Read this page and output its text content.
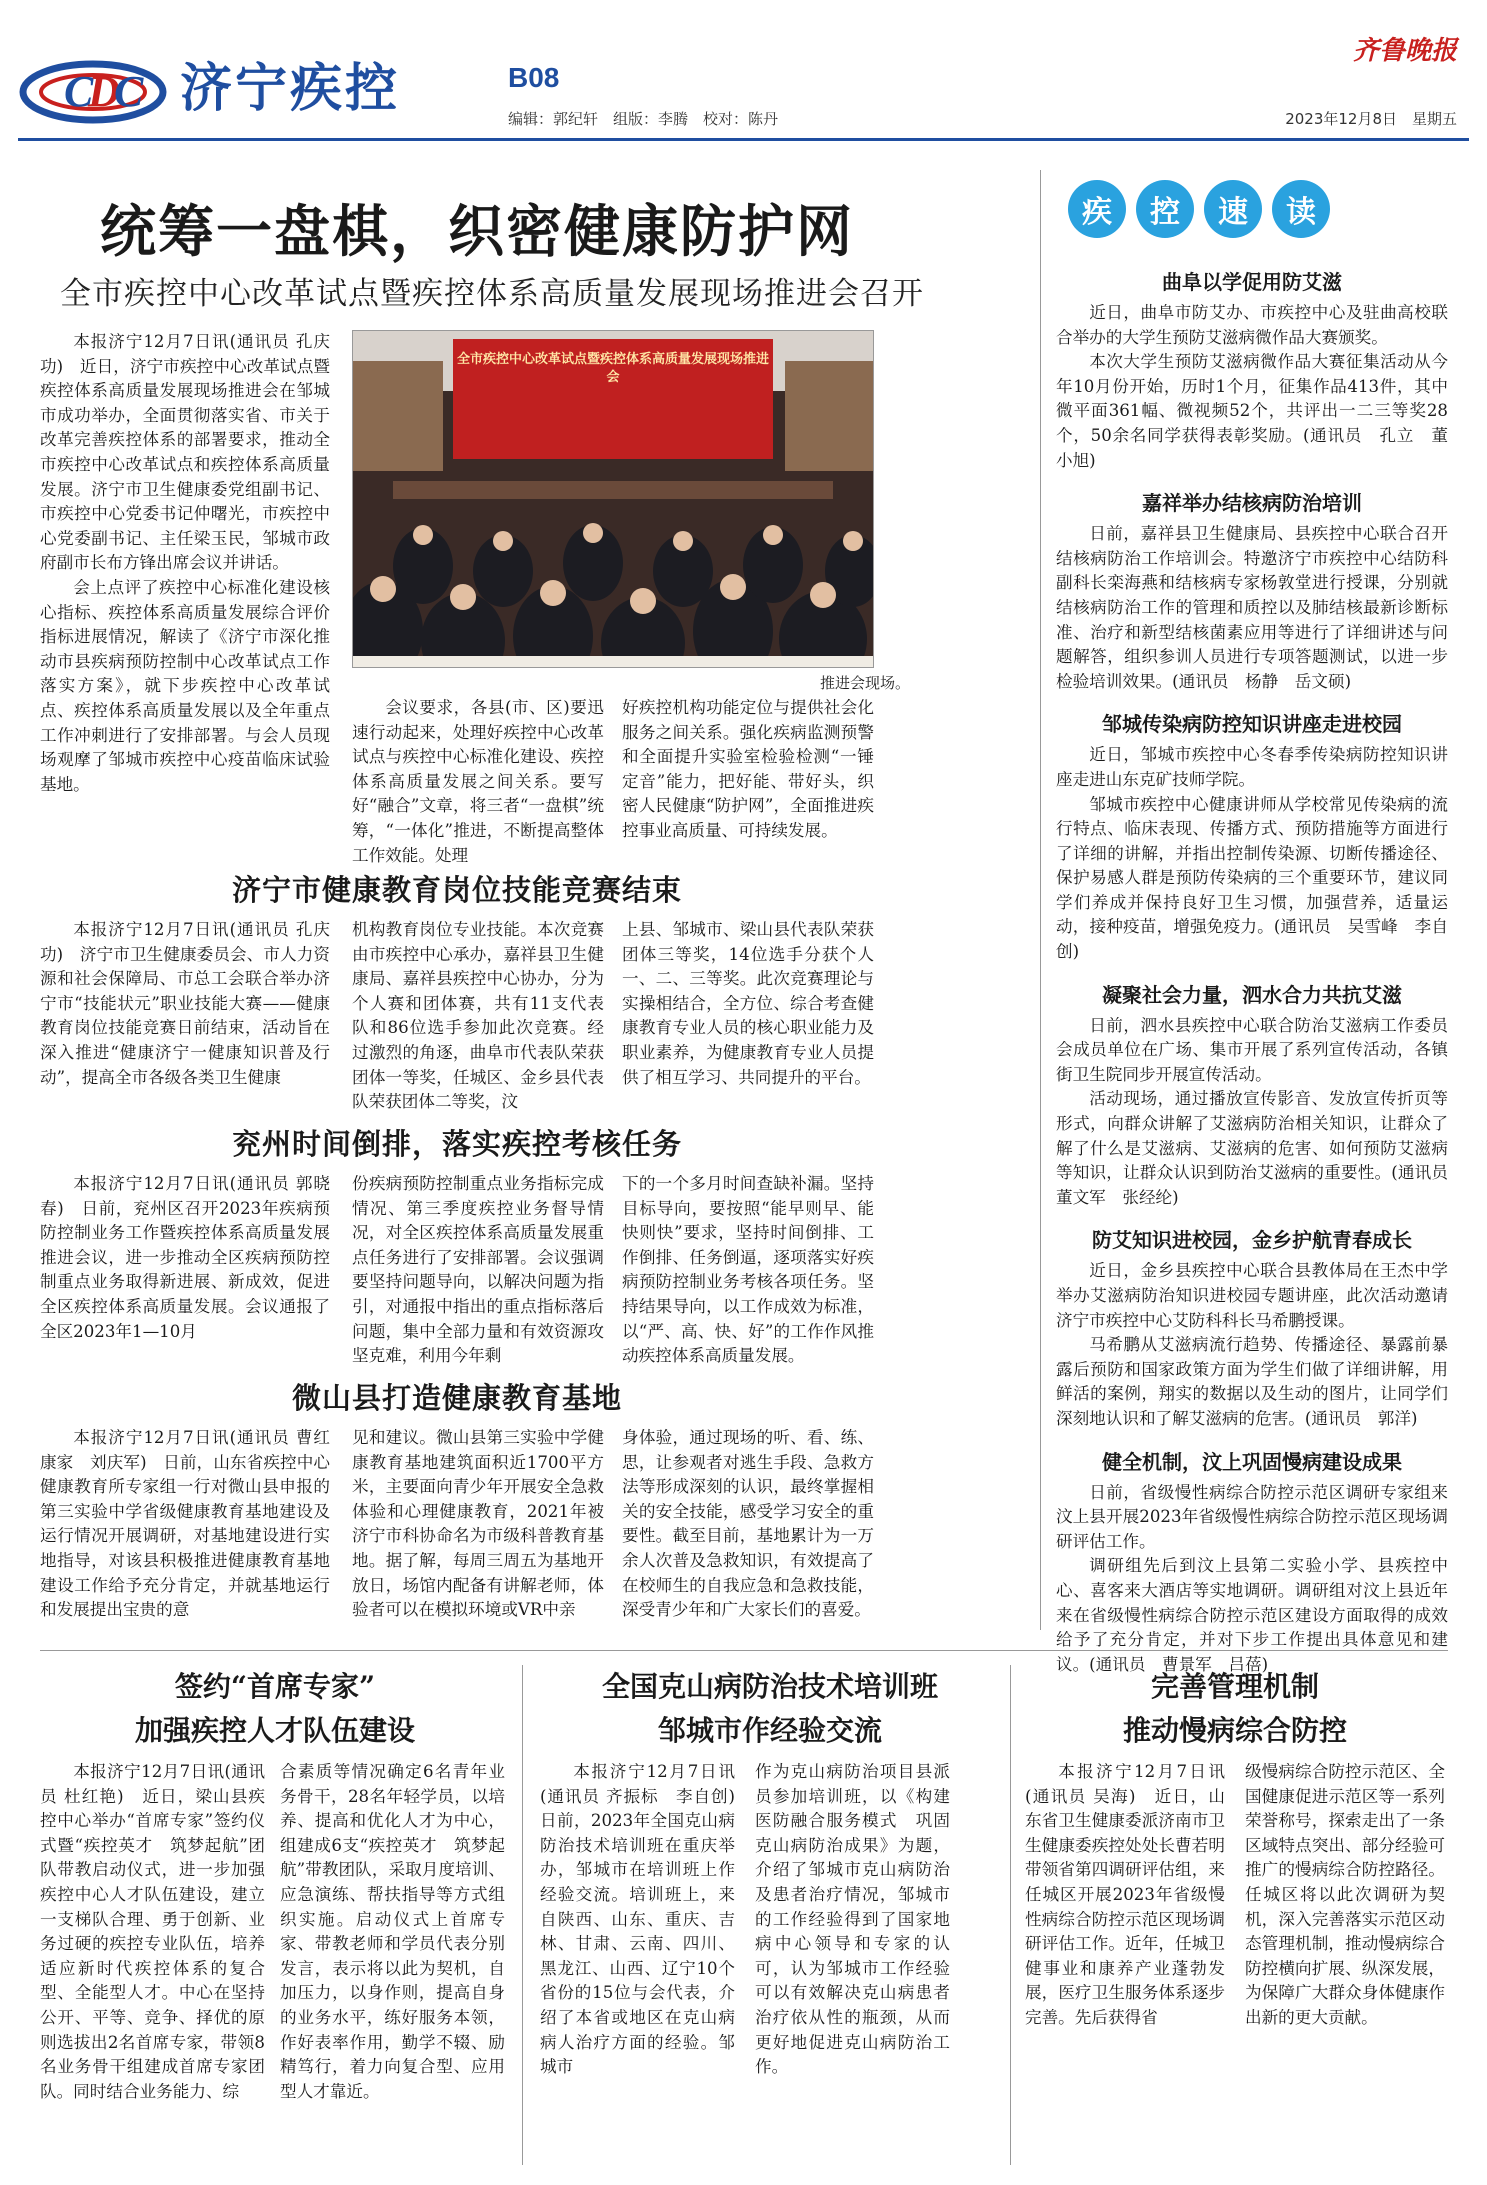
C
D
C 济宁疾控	B08
编辑：郭纪轩　组版：李腾　校对：陈丹
齐鲁晚报
2023年12月8日　星期五
统筹一盘棋，织密健康防护网
全市疾控中心改革试点暨疾控体系高质量发展现场推进会召开

本报济宁12月7日讯(通讯员 孔庆功)　近日，济宁市疾控中心改革试点暨疾控体系高质量发展现场推进会在邹城市成功举办，全面贯彻落实省、市关于改革完善疾控体系的部署要求，推动全市疾控中心改革试点和疾控体系高质量发展。济宁市卫生健康委党组副书记、市疾控中心党委书记仲曙光，市疾控中心党委副书记、主任梁玉民，邹城市政府副市长布方锋出席会议并讲话。

会上点评了疾控中心标准化建设核心指标、疾控体系高质量发展综合评价指标进展情况，解读了《济宁市深化推动市县疾病预防控制中心改革试点工作落实方案》，就下步疾控中心改革试点、疾控体系高质量发展以及全年重点工作冲刺进行了安排部署。与会人员现场观摩了邹城市疾控中心疫苗临床试验基地。

全市疾控中心改革试点暨疾控体系高质量发展现场推进会
推进会现场。

会议要求，各县(市、区)要迅速行动起来，处理好疾控中心改革试点与疾控中心标准化建设、疾控体系高质量发展之间关系。要写好“融合”文章，将三者“一盘棋”统筹，“一体化”推进，不断提高整体工作效能。处理

好疾控机构功能定位与提供社会化服务之间关系。强化疾病监测预警和全面提升实验室检验检测“一锤定音”能力，把好能、带好头，织密人民健康“防护网”，全面推进疾控事业高质量、可持续发展。

济宁市健康教育岗位技能竞赛结束

本报济宁12月7日讯(通讯员 孔庆功)　济宁市卫生健康委员会、市人力资源和社会保障局、市总工会联合举办济宁市“技能状元”职业技能大赛——健康教育岗位技能竞赛日前结束，活动旨在深入推进“健康济宁一健康知识普及行动”，提高全市各级各类卫生健康

机构教育岗位专业技能。本次竞赛由市疾控中心承办，嘉祥县卫生健康局、嘉祥县疾控中心协办，分为个人赛和团体赛，共有11支代表队和86位选手参加此次竞赛。经过激烈的角逐，曲阜市代表队荣获团体一等奖，任城区、金乡县代表队荣获团体二等奖，汶

上县、邹城市、梁山县代表队荣获团体三等奖，14位选手分获个人一、二、三等奖。此次竞赛理论与实操相结合，全方位、综合考查健康教育专业人员的核心职业能力及职业素养，为健康教育专业人员提供了相互学习、共同提升的平台。

兖州时间倒排，落实疾控考核任务

本报济宁12月7日讯(通讯员 郭晓春)　日前，兖州区召开2023年疾病预防控制业务工作暨疾控体系高质量发展推进会议，进一步推动全区疾病预防控制重点业务取得新进展、新成效，促进全区疾控体系高质量发展。会议通报了全区2023年1—10月

份疾病预防控制重点业务指标完成情况、第三季度疾控业务督导情况，对全区疾控体系高质量发展重点任务进行了安排部署。会议强调要坚持问题导向，以解决问题为指引，对通报中指出的重点指标落后问题，集中全部力量和有效资源攻坚克难，利用今年剩

下的一个多月时间查缺补漏。坚持目标导向，要按照“能早则早、能快则快”要求，坚持时间倒排、工作倒排、任务倒逼，逐项落实好疾病预防控制业务考核各项任务。坚持结果导向，以工作成效为标准，以“严、高、快、好”的工作作风推动疾控体系高质量发展。

微山县打造健康教育基地

本报济宁12月7日讯(通讯员 曹红　康家　刘庆军)　日前，山东省疾控中心健康教育所专家组一行对微山县申报的第三实验中学省级健康教育基地建设及运行情况开展调研，对基地建设进行实地指导，对该县积极推进健康教育基地建设工作给予充分肯定，并就基地运行和发展提出宝贵的意

见和建议。微山县第三实验中学健康教育基地建筑面积近1700平方米，主要面向青少年开展安全急救体验和心理健康教育，2021年被济宁市科协命名为市级科普教育基地。据了解，每周三周五为基地开放日，场馆内配备有讲解老师，体验者可以在模拟环境或VR中亲

身体验，通过现场的听、看、练、思，让参观者对逃生手段、急救方法等形成深刻的认识，最终掌握相关的安全技能，感受学习安全的重要性。截至目前，基地累计为一万余人次普及急救知识，有效提高了在校师生的自我应急和急救技能，深受青少年和广大家长们的喜爱。

签约“首席专家”
加强疾控人才队伍建设

本报济宁12月7日讯(通讯员 杜红艳)　近日，梁山县疾控中心举办“首席专家”签约仪式暨“疾控英才　筑梦起航”团队带教启动仪式，进一步加强疾控中心人才队伍建设，建立一支梯队合理、勇于创新、业务过硬的疾控专业队伍，培养适应新时代疾控体系的复合型、全能型人才。中心在坚持公开、平等、竞争、择优的原则选拔出2名首席专家，带领8名业务骨干组建成首席专家团队。同时结合业务能力、综

合素质等情况确定6名青年业务骨干，28名年轻学员，以培养、提高和优化人才为中心，组建成6支“疾控英才　筑梦起航”带教团队，采取月度培训、应急演练、帮扶指导等方式组织实施。启动仪式上首席专家、带教老师和学员代表分别发言，表示将以此为契机，自加压力，以身作则，提高自身的业务水平，练好服务本领，作好表率作用，勤学不辍、励精笃行，着力向复合型、应用型人才靠近。

全国克山病防治技术培训班
邹城市作经验交流

本报济宁12月7日讯(通讯员 齐振标　李自创)　日前，2023年全国克山病防治技术培训班在重庆举办，邹城市在培训班上作经验交流。培训班上，来自陕西、山东、重庆、吉林、甘肃、云南、四川、黑龙江、山西、辽宁10个省份的15位与会代表，介绍了本省或地区在克山病病人治疗方面的经验。邹城市

作为克山病防治项目县派员参加培训班，以《构建医防融合服务模式　巩固克山病防治成果》为题，介绍了邹城市克山病防治及患者治疗情况，邹城市的工作经验得到了国家地病中心领导和专家的认可，认为邹城市工作经验可以有效解决克山病患者治疗依从性的瓶颈，从而更好地促进克山病防治工作。

完善管理机制
推动慢病综合防控

本报济宁12月7日讯(通讯员 吴海)　近日，山东省卫生健康委派济南市卫生健康委疾控处处长曹若明带领省第四调研评估组，来任城区开展2023年省级慢性病综合防控示范区现场调研评估工作。近年，任城卫健事业和康养产业蓬勃发展，医疗卫生服务体系逐步完善。先后获得省

级慢病综合防控示范区、全国健康促进示范区等一系列荣誉称号，探索走出了一条区域特点突出、部分经验可推广的慢病综合防控路径。任城区将以此次调研为契机，深入完善落实示范区动态管理机制，推动慢病综合防控横向扩展、纵深发展，为保障广大群众身体健康作出新的更大贡献。

疾	控	速	读
曲阜以学促用防艾滋

近日，曲阜市防艾办、市疾控中心及驻曲高校联合举办的大学生预防艾滋病微作品大赛颁奖。

本次大学生预防艾滋病微作品大赛征集活动从今年10月份开始，历时1个月，征集作品413件，其中微平面361幅、微视频52个，共评出一二三等奖28个，50余名同学获得表彰奖励。(通讯员　孔立　董小旭)

嘉祥举办结核病防治培训

日前，嘉祥县卫生健康局、县疾控中心联合召开结核病防治工作培训会。特邀济宁市疾控中心结防科副科长栾海燕和结核病专家杨敦堂进行授课，分别就结核病防治工作的管理和质控以及肺结核最新诊断标准、治疗和新型结核菌素应用等进行了详细讲述与问题解答，组织参训人员进行专项答题测试，以进一步检验培训效果。(通讯员　杨静　岳文硕)

邹城传染病防控知识讲座走进校园

近日，邹城市疾控中心冬春季传染病防控知识讲座走进山东克矿技师学院。

邹城市疾控中心健康讲师从学校常见传染病的流行特点、临床表现、传播方式、预防措施等方面进行了详细的讲解，并指出控制传染源、切断传播途径、保护易感人群是预防传染病的三个重要环节，建议同学们养成并保持良好卫生习惯，加强营养，适量运动，接种疫苗，增强免疫力。(通讯员　吴雪峰　李自创)

凝聚社会力量，泗水合力共抗艾滋

日前，泗水县疾控中心联合防治艾滋病工作委员会成员单位在广场、集市开展了系列宣传活动，各镇街卫生院同步开展宣传活动。

活动现场，通过播放宣传影音、发放宣传折页等形式，向群众讲解了艾滋病防治相关知识，让群众了解了什么是艾滋病、艾滋病的危害、如何预防艾滋病等知识，让群众认识到防治艾滋病的重要性。(通讯员　董文军　张经纶)

防艾知识进校园，金乡护航青春成长

近日，金乡县疾控中心联合县教体局在王杰中学举办艾滋病防治知识进校园专题讲座，此次活动邀请济宁市疾控中心艾防科科长马希鹏授课。

马希鹏从艾滋病流行趋势、传播途径、暴露前暴露后预防和国家政策方面为学生们做了详细讲解，用鲜活的案例，翔实的数据以及生动的图片，让同学们深刻地认识和了解艾滋病的危害。(通讯员　郭洋)

健全机制，汶上巩固慢病建设成果

日前，省级慢性病综合防控示范区调研专家组来汶上县开展2023年省级慢性病综合防控示范区现场调研评估工作。

调研组先后到汶上县第二实验小学、县疾控中心、喜客来大酒店等实地调研。调研组对汶上县近年来在省级慢性病综合防控示范区建设方面取得的成效给予了充分肯定，并对下步工作提出具体意见和建议。(通讯员　曹景军　吕蓓)
